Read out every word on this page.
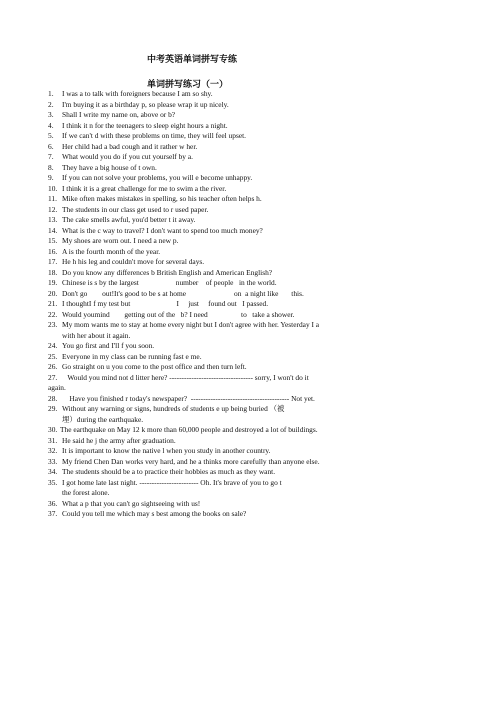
中考英语单词拼写专练
单词拼写练习（一）
1. I was a to talk with foreigners because I am so shy.
2. I'm buying it as a birthday p, so please wrap it up nicely.
3. Shall I write my name on, above or b?
4. I think it n for the teenagers to sleep eight hours a night.
5. If we can't d with these problems on time, they will feel upset.
6. Her child had a bad cough and it rather w her.
7. What would you do if you cut yourself by a.
8. They have a big house of t own.
9. If you can not solve your problems, you will e become unhappy.
10. I think it is a great challenge for me to swim a the river.
11. Mike often makes mistakes in spelling, so his teacher often helps h.
12. The students in our class get used to r used paper.
13. The cake smells awful, you'd better t it away.
14. What is the c way to travel? I don't want to spend too much money?
15. My shoes are worn out. I need a new p.
16. A is the fourth month of the year.
17. He h his leg and couldn't move for several days.
18. Do you know any differences b British English and American English?
19. Chinese is s by the largest                    number    of people   in the world.
20. Don't go        out!It's good to be s at home                          on  a night like       this.
21. I thoughtI f my test but                         I     just     found out   I passed.
22. Would youmind        getting out of the   b? I need                  to   take a shower.
23. My mom wants me to stay at home every night but I don't agree with her. Yesterday I a
with her about it again.
24. You go first and I'll f you soon.
25. Everyone in my class can be running fast e me.
26. Go straight on u you come to the post office and then turn left.
27. Would you mind not d litter here? ---------------------------------- sorry, I won't do it
again.
28. Have you finished r today's newspaper?  ---------------------------------------- Not yet.
29. Without any warning or signs, hundreds of students e up being buried （被
埋）during the earthquake.
30. The earthquake on May 12 k more than 60,000 people and destroyed a lot of buildings.
31. He said he j the army after graduation.
32. It is important to know the native l when you study in another country.
33. My friend Chen Dan works very hard, and he a thinks more carefully than anyone else.
34. The students should be a to practice their hobbies as much as they want.
35. I got home late last night. ------------------------ Oh. It's brave of you to go t
the forest alone.
36. What a p that you can't go sightseeing with us!
37. Could you tell me which may s best among the books on sale?
